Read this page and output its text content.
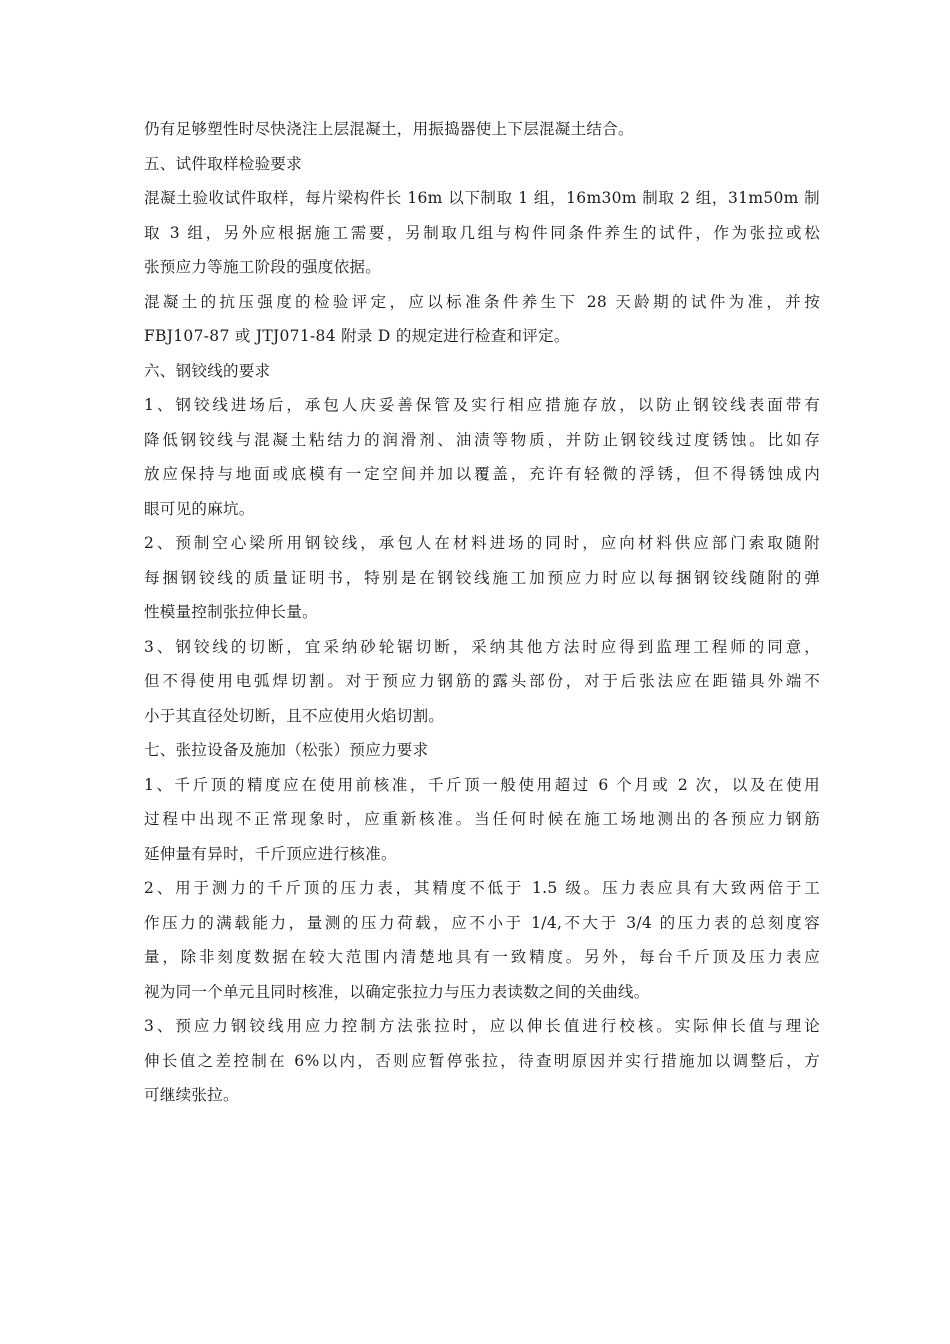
仍有足够塑性时尽快浇注上层混凝土，用振捣器使上下层混凝土结合。

五、试件取样检验要求

混凝土验收试件取样，每片梁构件长 16m 以下制取 1 组，16m30m 制取 2 组，31m50m 制

取 3 组，另外应根据施工需要，另制取几组与构件同条件养生的试件，作为张拉或松

张预应力等施工阶段的强度依据。

混凝土的抗压强度的检验评定，应以标准条件养生下 28 天龄期的试件为准，并按

FBJ107-87 或 JTJ071-84 附录 D 的规定进行检查和评定。

六、钢铰线的要求

1、钢铰线进场后，承包人庆妥善保管及实行相应措施存放，以防止钢铰线表面带有

降低钢铰线与混凝土粘结力的润滑剂、油渍等物质，并防止钢铰线过度锈蚀。比如存

放应保持与地面或底模有一定空间并加以覆盖，充许有轻微的浮锈，但不得锈蚀成内

眼可见的麻坑。

2、预制空心梁所用钢铰线，承包人在材料进场的同时，应向材料供应部门索取随附

每捆钢铰线的质量证明书，特别是在钢铰线施工加预应力时应以每捆钢铰线随附的弹

性模量控制张拉伸长量。

3、钢铰线的切断，宜采纳砂轮锯切断，采纳其他方法时应得到监理工程师的同意，

但不得使用电弧焊切割。对于预应力钢筋的露头部份，对于后张法应在距锚具外端不

小于其直径处切断，且不应使用火焰切割。

七、张拉设备及施加（松张）预应力要求

1、千斤顶的精度应在使用前核准，千斤顶一般使用超过 6 个月或 2 次，以及在使用

过程中出现不正常现象时，应重新核准。当任何时候在施工场地测出的各预应力钢筋

延伸量有异时，千斤顶应进行核准。

2、用于测力的千斤顶的压力表，其精度不低于 1.5 级。压力表应具有大致两倍于工

作压力的满载能力，量测的压力荷载，应不小于 1/4,不大于 3/4 的压力表的总刻度容

量，除非刻度数据在较大范围内清楚地具有一致精度。另外，每台千斤顶及压力表应

视为同一个单元且同时核准，以确定张拉力与压力表读数之间的关曲线。

3、预应力钢铰线用应力控制方法张拉时，应以伸长值进行校核。实际伸长值与理论

伸长值之差控制在 6%以内，否则应暂停张拉，待查明原因并实行措施加以调整后，方

可继续张拉。
